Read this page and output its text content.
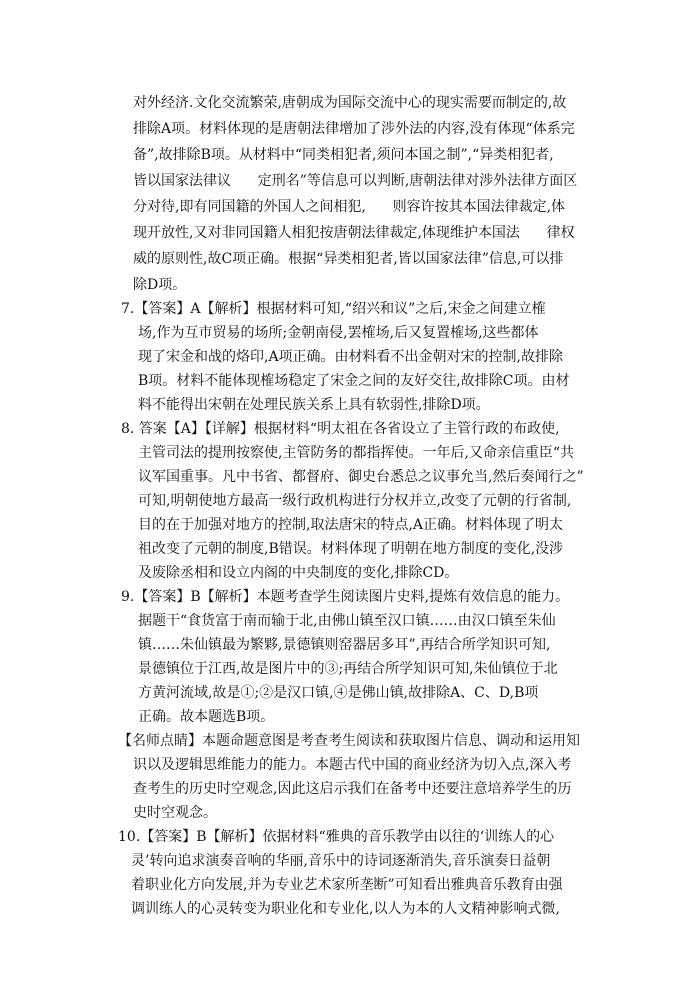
对外经济.文化交流繁荣,唐朝成为国际交流中心的现实需要而制定的,故
排除A项。材料体现的是唐朝法律增加了涉外法的内容,没有体现“体系完
备”,故排除B项。从材料中“同类相犯者,须问本国之制”,“异类相犯者,
皆以国家法律议      定刑名”等信息可以判断,唐朝法律对涉外法律方面区
分对待,即有同国籍的外国人之间相犯,      则容许按其本国法律裁定,体
现开放性,又对非同国籍人相犯按唐朝法律裁定,体现维护本国法      律权
威的原则性,故C项正确。根据“异类相犯者,皆以国家法律”信息,可以排
除D项。
7.【答案】A【解析】根据材料可知,“绍兴和议”之后,宋金之间建立榷
场,作为互市贸易的场所;金朝南侵,罢榷场,后又复置榷场,这些都体
现了宋金和战的烙印,A项正确。由材料看不出金朝对宋的控制,故排除
B项。材料不能体现榷场稳定了宋金之间的友好交往,故排除C项。由材
料不能得出宋朝在处理民族关系上具有软弱性,排除D项。
8. 答案【A】【详解】根据材料“明太祖在各省设立了主管行政的布政使,
主管司法的提刑按察使,主管防务的都指挥使。一年后,又命亲信重臣“共
议军国重事。凡中书省、都督府、御史台悉总之议事允当,然后奏闻行之”
可知,明朝使地方最高一级行政机构进行分权并立,改变了元朝的行省制,
目的在于加强对地方的控制,取法唐宋的特点,A正确。材料体现了明太
祖改变了元朝的制度,B错误。材料体现了明朝在地方制度的变化,没涉
及废除丞相和设立内阁的中央制度的变化,排除CD。
9.【答案】B【解析】本题考查学生阅读图片史料,提炼有效信息的能力。
据题干“食货富于南而输于北,由佛山镇至汉口镇……由汉口镇至朱仙
镇……朱仙镇最为繁夥,景德镇则窑器居多耳”,再结合所学知识可知,
景德镇位于江西,故是图片中的③;再结合所学知识可知,朱仙镇位于北
方黄河流域,故是①;②是汉口镇,④是佛山镇,故排除A、C、D,B项
正确。故本题选B项。
【名师点睛】本题命题意图是考查考生阅读和获取图片信息、调动和运用知
识以及逻辑思维能力的能力。本题古代中国的商业经济为切入点,深入考
查考生的历史时空观念,因此这启示我们在备考中还要注意培养学生的历
史时空观念。
10.【答案】B【解析】依据材料“雅典的音乐教学由以往的‘训练人的心
灵’转向追求演奏音响的华丽,音乐中的诗词逐渐消失,音乐演奏日益朝
着职业化方向发展,并为专业艺术家所垄断”可知看出雅典音乐教育由强
调训练人的心灵转变为职业化和专业化,以人为本的人文精神影响式微,
